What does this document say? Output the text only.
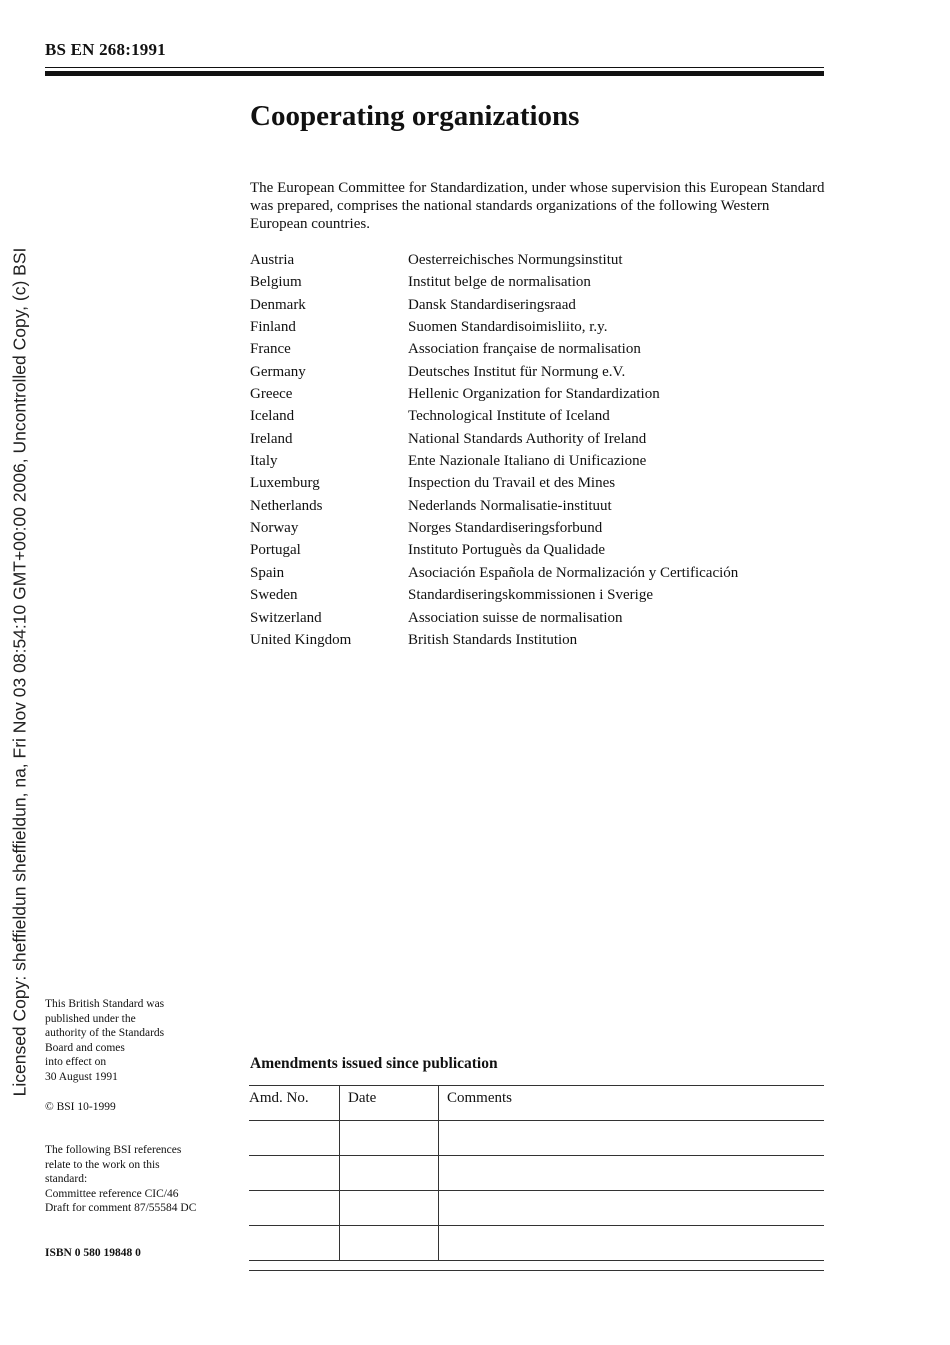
BS EN 268:1991
Cooperating organizations

The European Committee for Standardization, under whose supervision this European Standard was prepared, comprises the national standards organizations of the following Western European countries.

Austria	Oesterreichisches Normungsinstitut
Belgium	Institut belge de normalisation
Denmark	Dansk Standardiseringsraad
Finland	Suomen Standardisoimisliito, r.y.
France	Association française de normalisation
Germany	Deutsches Institut für Normung e.V.
Greece	Hellenic Organization for Standardization
Iceland	Technological Institute of Iceland
Ireland	National Standards Authority of Ireland
Italy	Ente Nazionale Italiano di Unificazione
Luxemburg	Inspection du Travail et des Mines
Netherlands	Nederlands Normalisatie-instituut
Norway	Norges Standardiseringsforbund
Portugal	Instituto Portuguès da Qualidade
Spain	Asociación Española de Normalización y Certificación
Sweden	Standardiseringskommissionen i Sverige
Switzerland	Association suisse de normalisation
United Kingdom	British Standards Institution
This British Standard was
published under the
authority of the Standards
Board and comes
into effect on
30 August 1991
© BSI 10-1999
The following BSI references
relate to the work on this
standard:
Committee reference CIC/46
Draft for comment 87/55584 DC
ISBN 0 580 19848 0
Amendments issued since publication
Amd. No.	Date	Comments

Licensed Copy: sheffieldun sheffieldun, na, Fri Nov 03 08:54:10 GMT+00:00 2006, Uncontrolled Copy, (c) BSI
